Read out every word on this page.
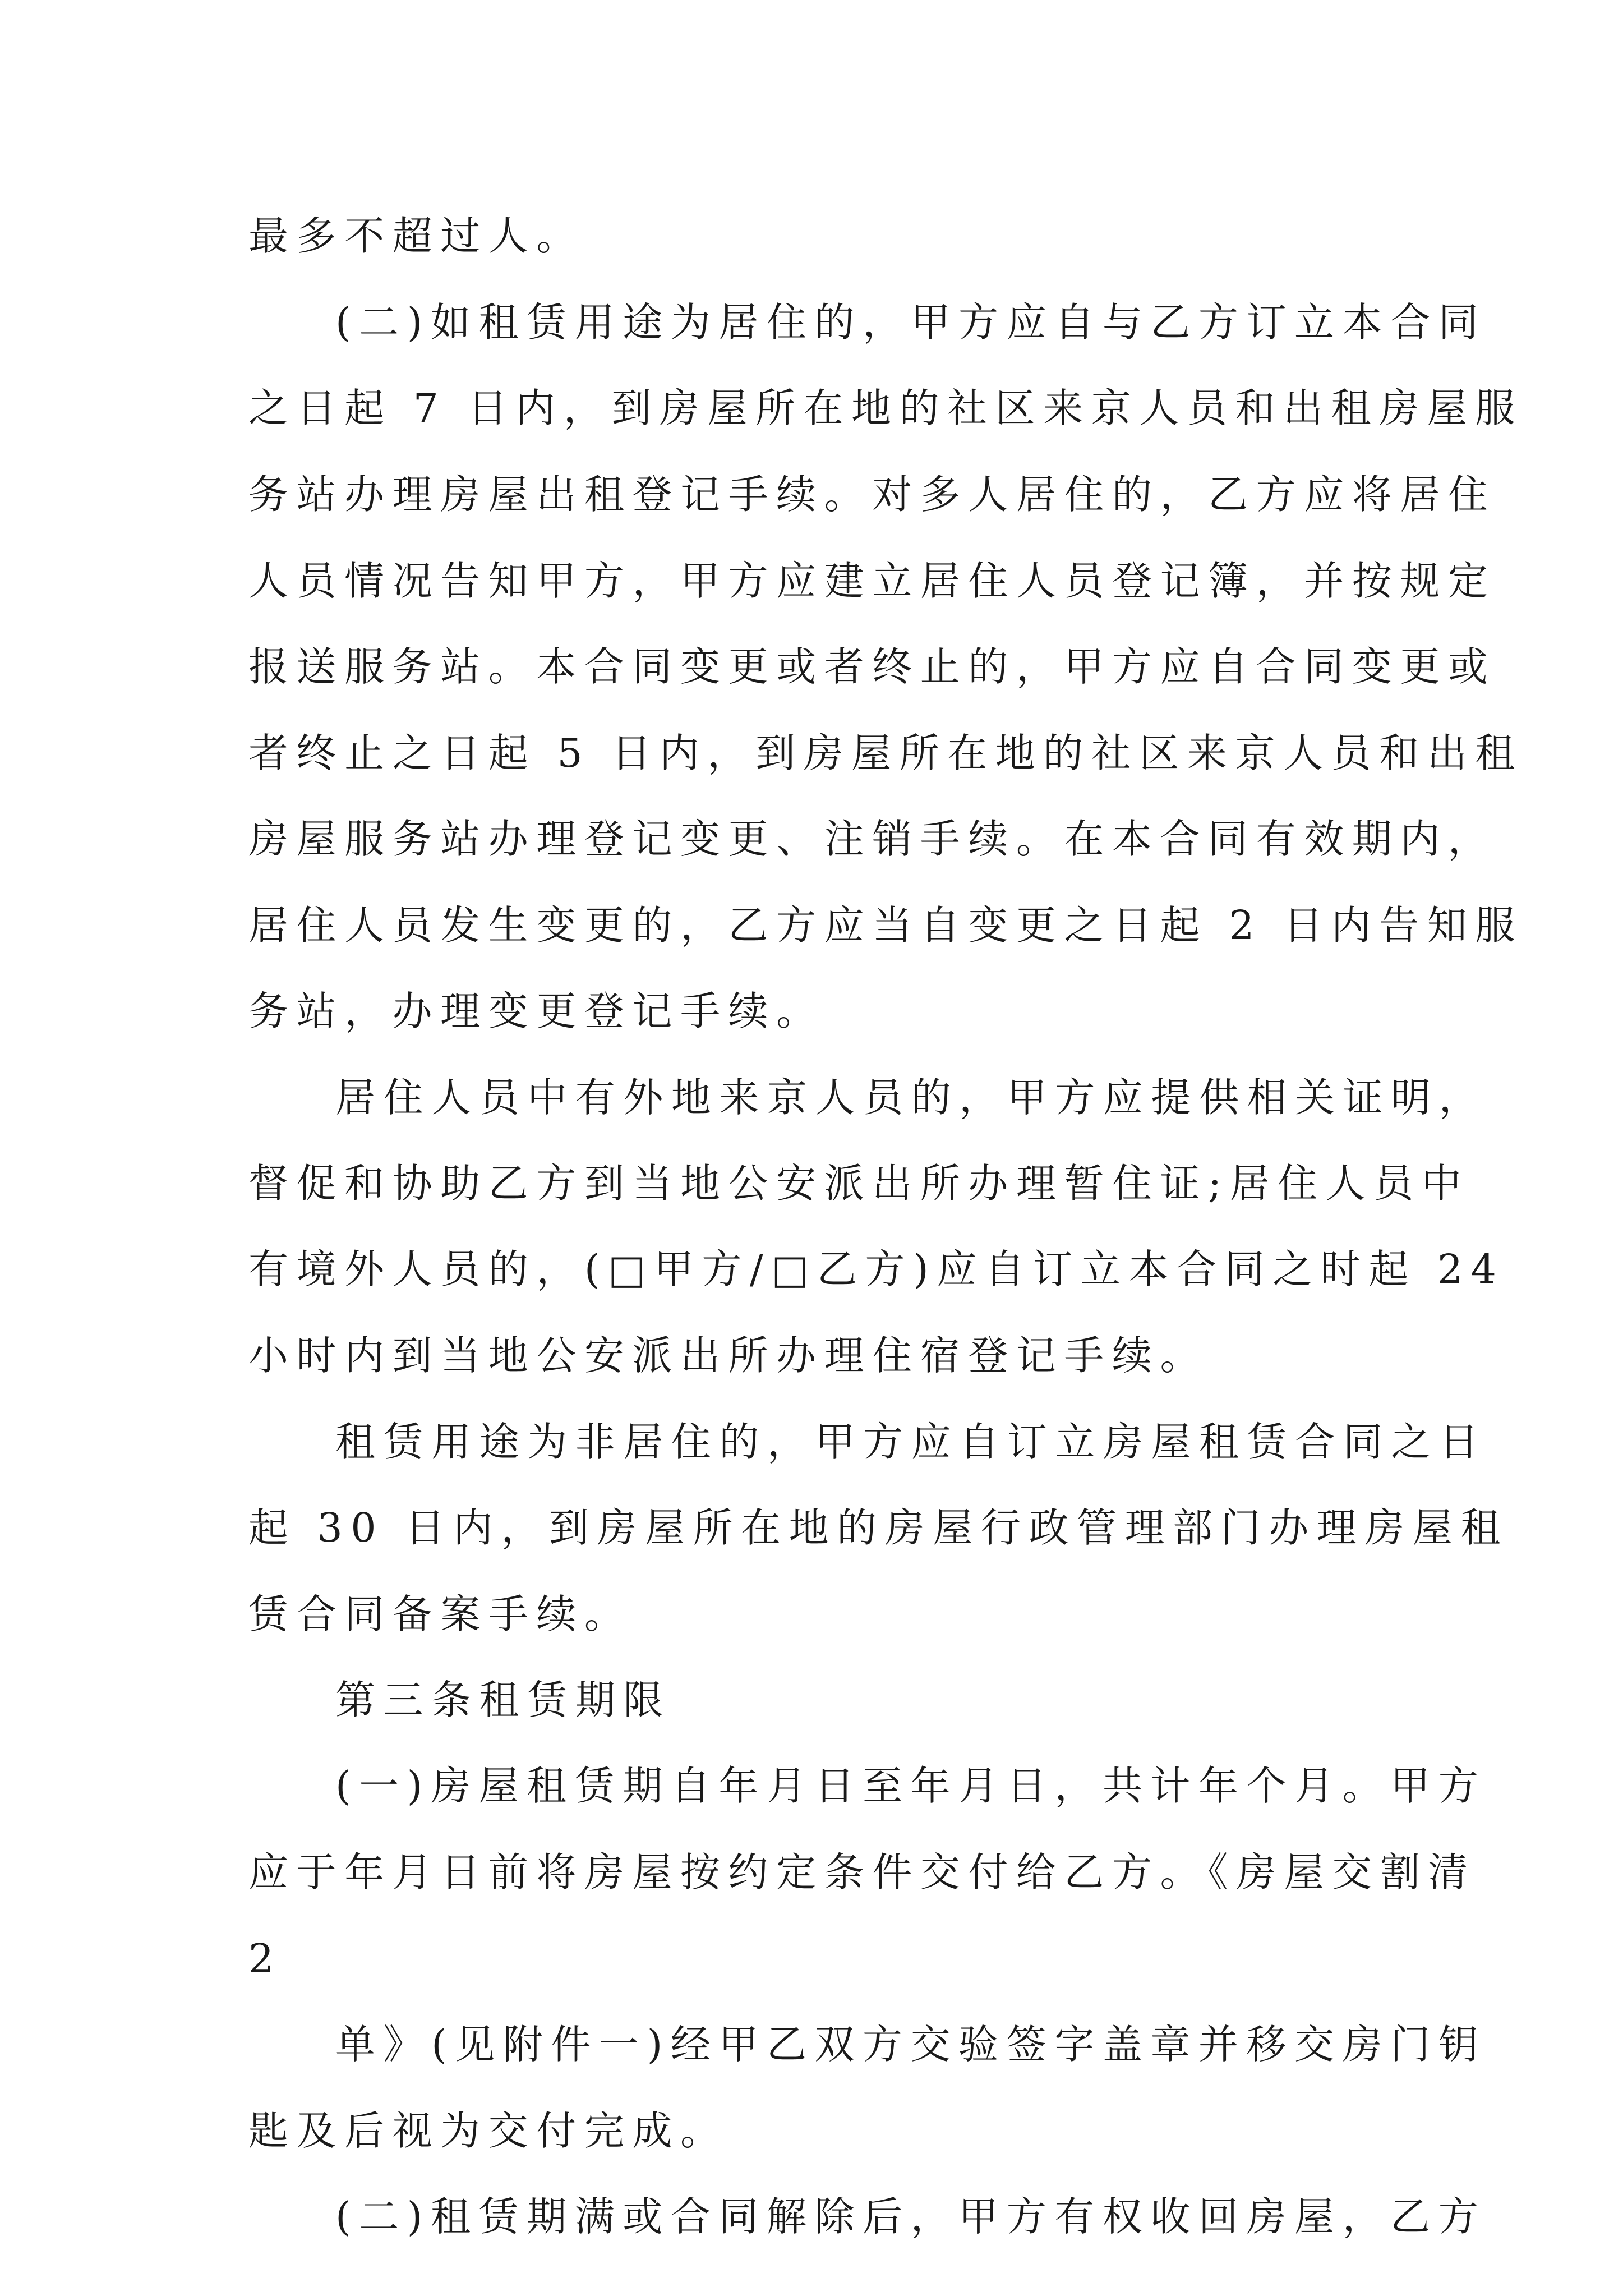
最多不超过人。

(二)如租赁用途为居住的，甲方应自与乙方订立本合同

之日起 7 日内，到房屋所在地的社区来京人员和出租房屋服

务站办理房屋出租登记手续。对多人居住的，乙方应将居住

人员情况告知甲方，甲方应建立居住人员登记簿，并按规定

报送服务站。本合同变更或者终止的，甲方应自合同变更或

者终止之日起 5 日内，到房屋所在地的社区来京人员和出租

房屋服务站办理登记变更、注销手续。在本合同有效期内，

居住人员发生变更的，乙方应当自变更之日起 2 日内告知服

务站，办理变更登记手续。

居住人员中有外地来京人员的，甲方应提供相关证明，

督促和协助乙方到当地公安派出所办理暂住证;居住人员中

有境外人员的，(□甲方/□乙方)应自订立本合同之时起 24

小时内到当地公安派出所办理住宿登记手续。

租赁用途为非居住的，甲方应自订立房屋租赁合同之日

起 30 日内，到房屋所在地的房屋行政管理部门办理房屋租

赁合同备案手续。

第三条租赁期限

(一)房屋租赁期自年月日至年月日，共计年个月。甲方

应于年月日前将房屋按约定条件交付给乙方。《房屋交割清

2

单》(见附件一)经甲乙双方交验签字盖章并移交房门钥

匙及后视为交付完成。

(二)租赁期满或合同解除后，甲方有权收回房屋，乙方
